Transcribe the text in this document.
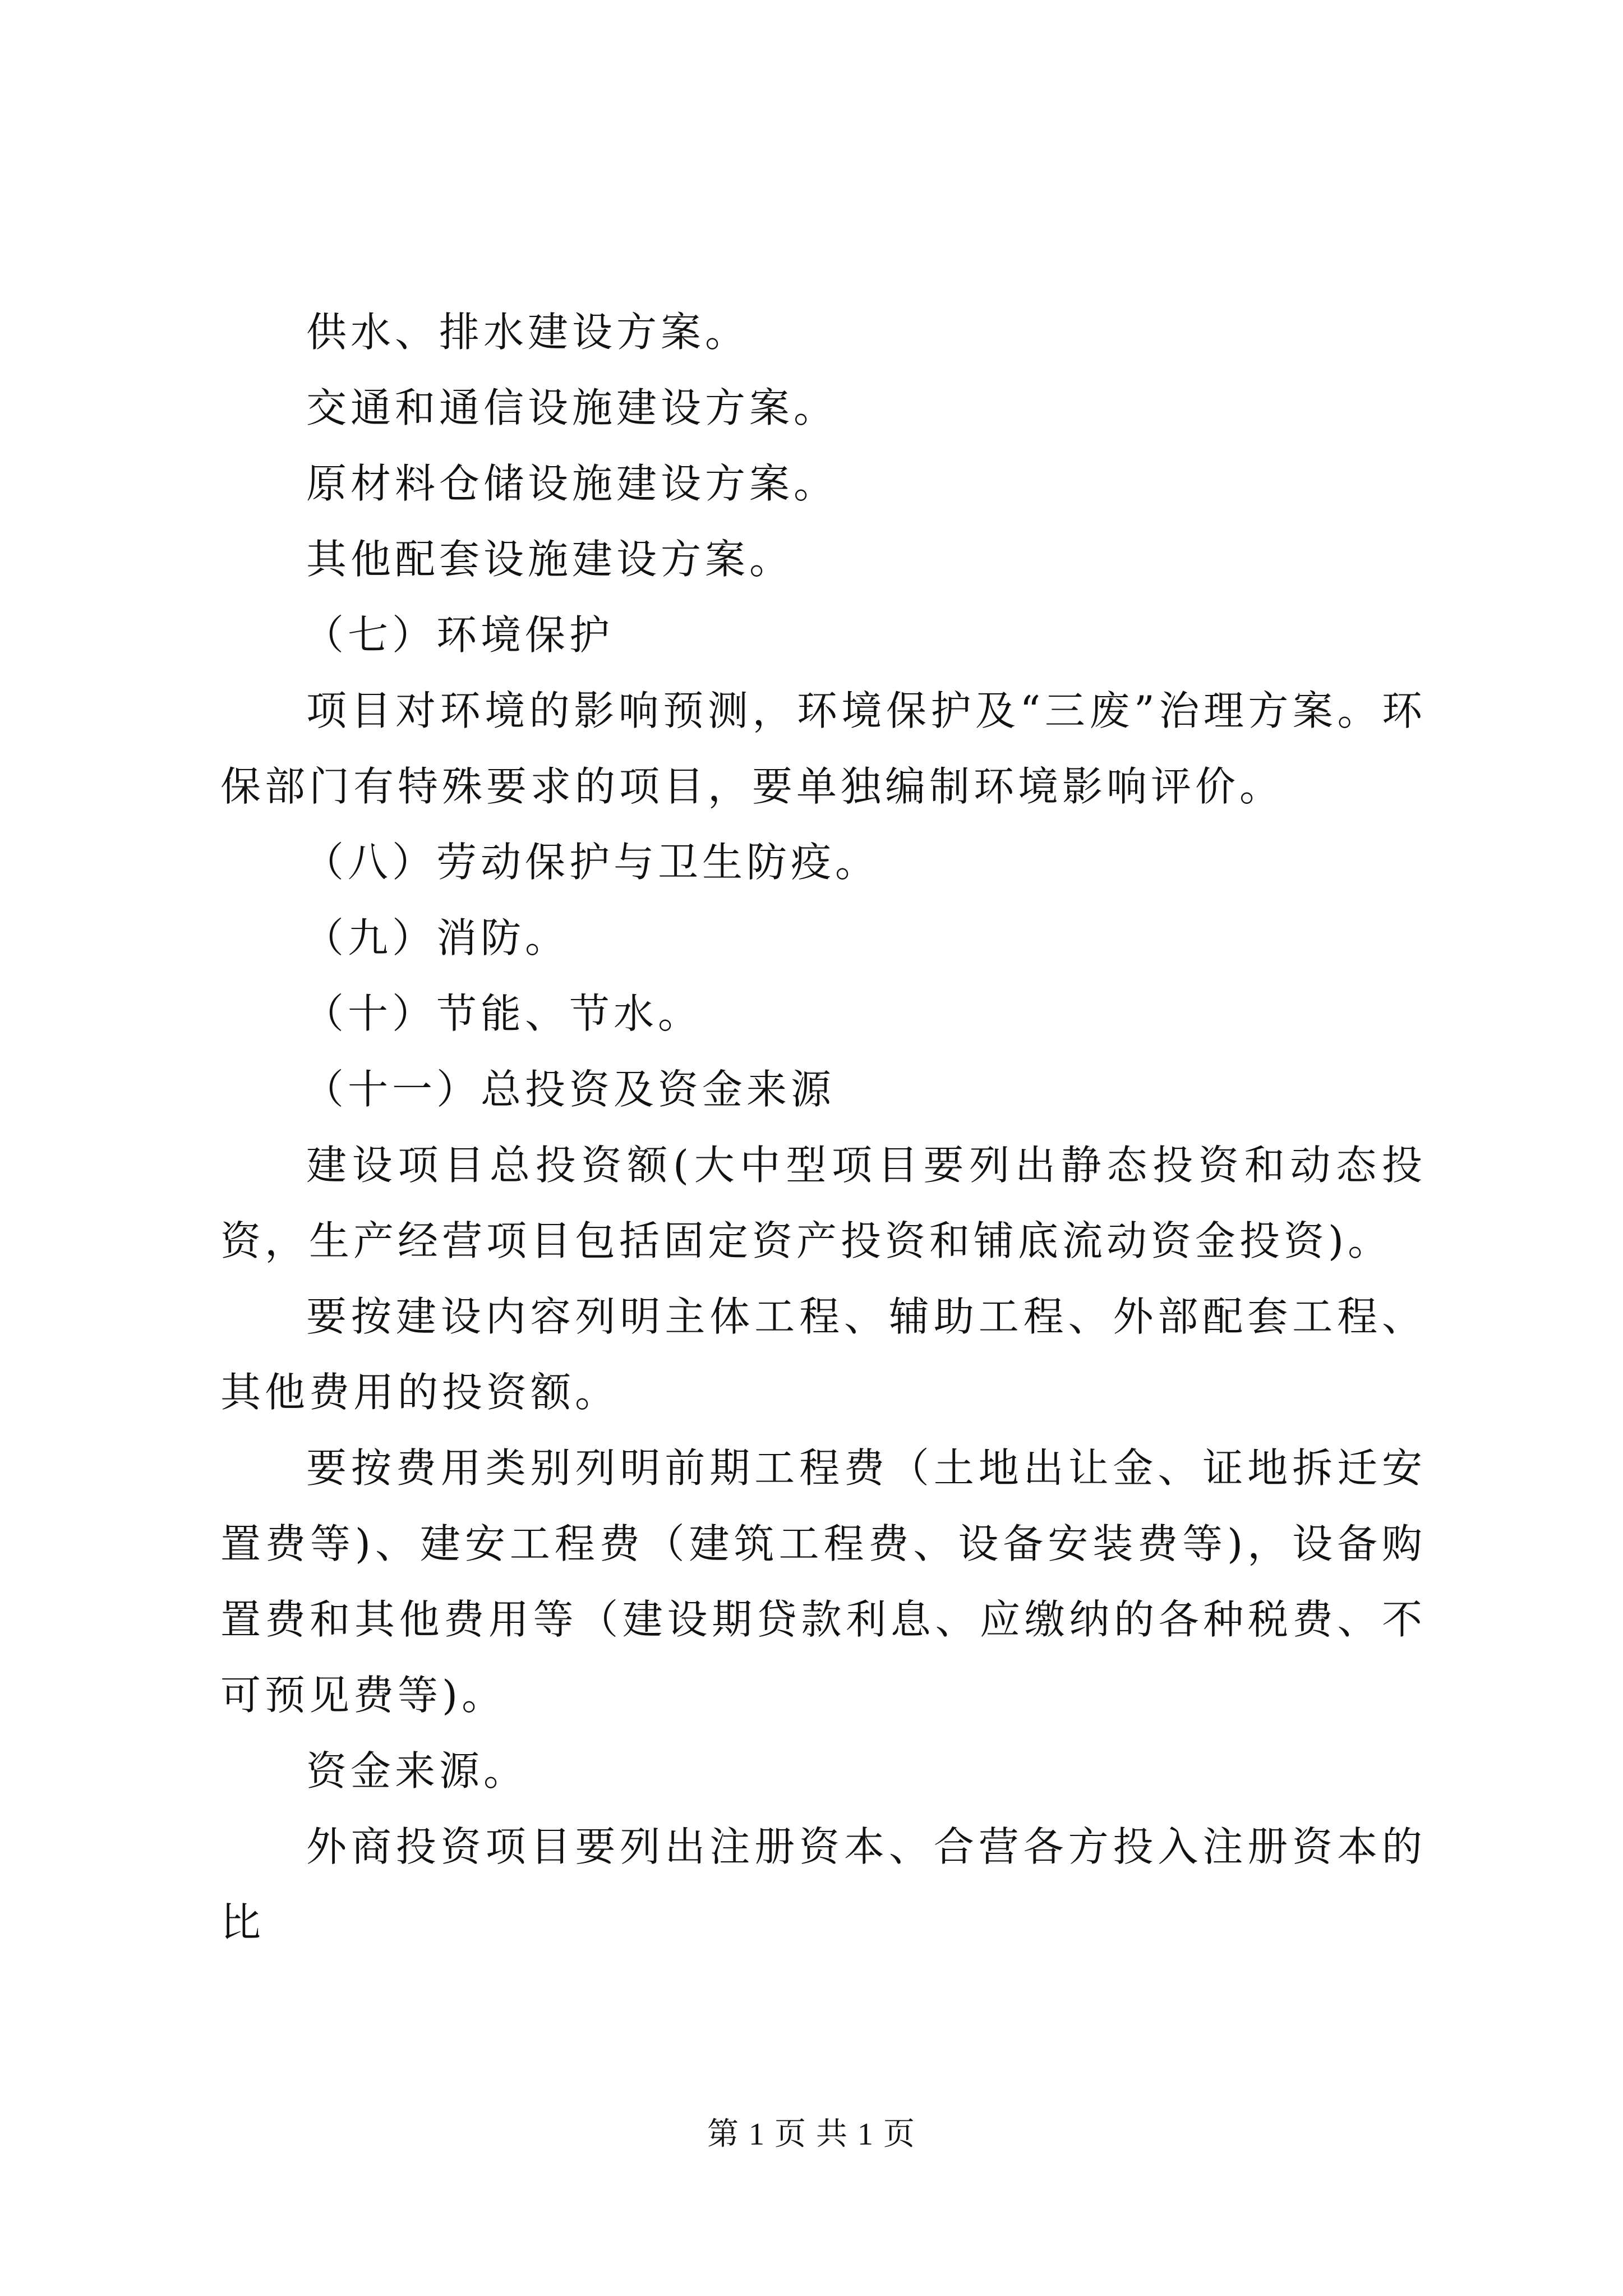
供水、排水建设方案。

交通和通信设施建设方案。

原材料仓储设施建设方案。

其他配套设施建设方案。

（七）环境保护

项目对环境的影响预测，环境保护及“三废”治理方案。环保部门有特殊要求的项目，要单独编制环境影响评价。

（八）劳动保护与卫生防疫。

（九）消防。

（十）节能、节水。

（十一）总投资及资金来源

建设项目总投资额(大中型项目要列出静态投资和动态投资，生产经营项目包括固定资产投资和铺底流动资金投资)。

要按建设内容列明主体工程、辅助工程、外部配套工程、其他费用的投资额。

要按费用类别列明前期工程费（土地出让金、证地拆迁安置费等)、建安工程费（建筑工程费、设备安装费等)，设备购置费和其他费用等（建设期贷款利息、应缴纳的各种税费、不可预见费等)。

资金来源。

外商投资项目要列出注册资本、合营各方投入注册资本的比

第 1 页 共 1 页
